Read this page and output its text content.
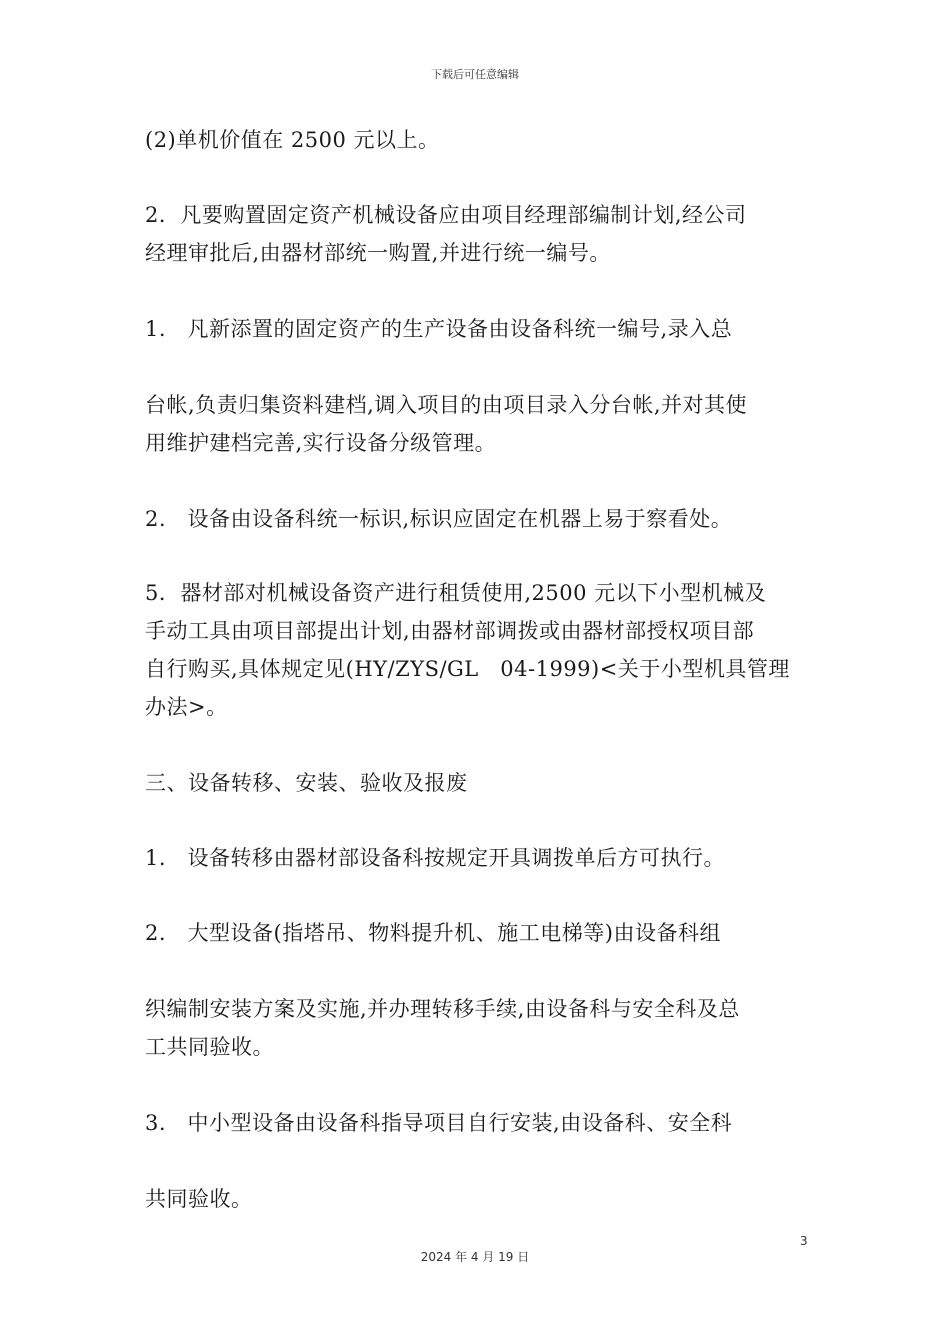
下载后可任意编辑
(2)单机价值在 2500 元以上。
2．凡要购置固定资产机械设备应由项目经理部编制计划,经公司
经理审批后,由器材部统一购置,并进行统一编号。
1.   凡新添置的固定资产的生产设备由设备科统一编号,录入总
台帐,负责归集资料建档,调入项目的由项目录入分台帐,并对其使
用维护建档完善,实行设备分级管理。
2.   设备由设备科统一标识,标识应固定在机器上易于察看处。
5．器材部对机械设备资产进行租赁使用,2500 元以下小型机械及
手动工具由项目部提出计划,由器材部调拨或由器材部授权项目部
自行购买,具体规定见(HY/ZYS/GL   04-1999)<关于小型机具管理
办法>。
三、设备转移、安装、验收及报废
1.   设备转移由器材部设备科按规定开具调拨单后方可执行。
2.   大型设备(指塔吊、物料提升机、施工电梯等)由设备科组
织编制安装方案及实施,并办理转移手续,由设备科与安全科及总
工共同验收。
3.   中小型设备由设备科指导项目自行安装,由设备科、安全科
共同验收。
3
2024 年 4 月 19 日
